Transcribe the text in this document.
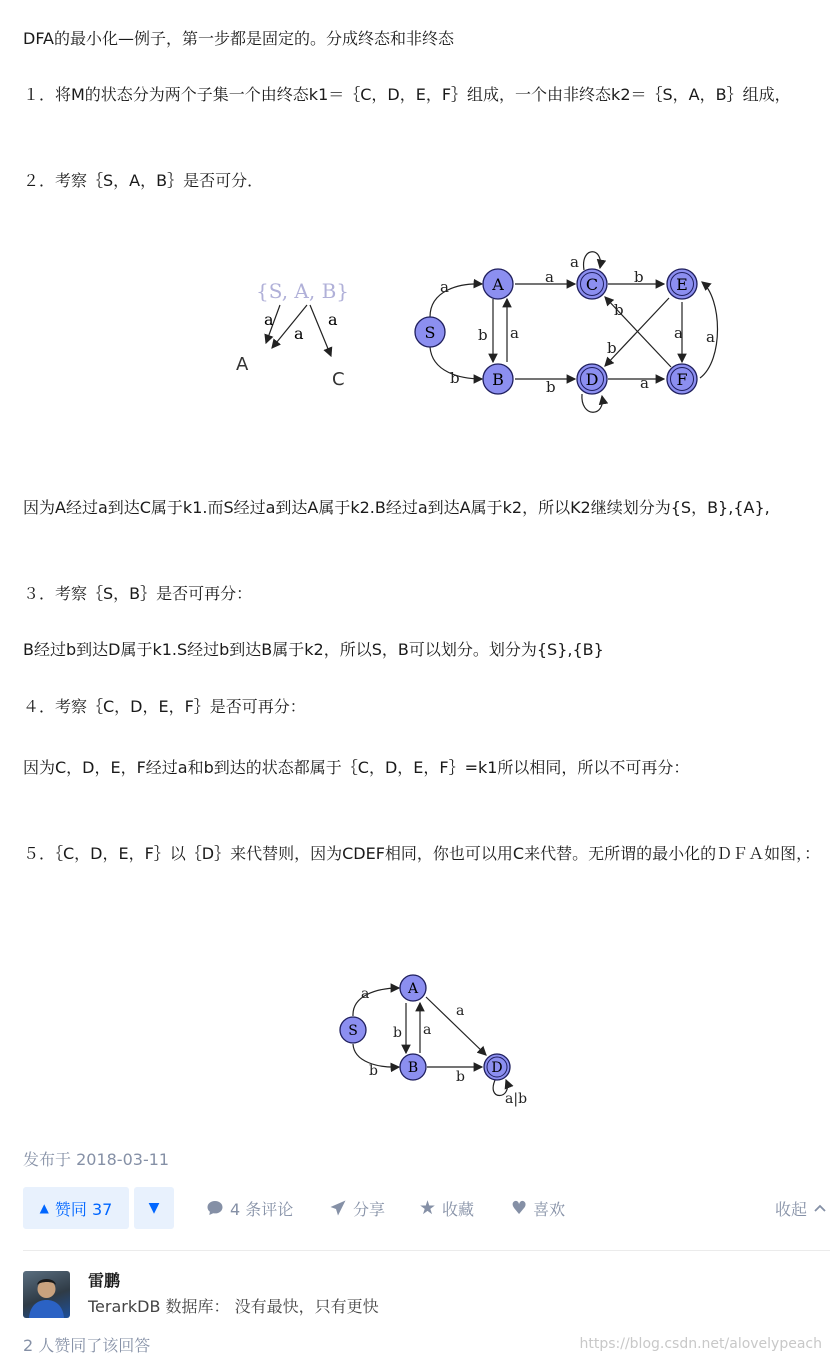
DFA的最小化—例子，第一步都是固定的。分成终态和非终态
１．将M的状态分为两个子集一个由终态k1＝｛C，D，E，F｝组成，一个由非终态k2＝｛S，A，B｝组成，
２．考察｛S，A，B｝是否可分．
{S, A, B}
a
a
a
A
C
S
A
B
C
D
E
F
a
a
a
b
b a
b
b
a a
a
b
b
因为A经过a到达C属于k1.而S经过a到达A属于k2.B经过a到达A属于k2，所以K2继续划分为{S，B},{A},
３．考察｛S，B｝是否可再分：
B经过b到达D属于k1.S经过b到达B属于k2，所以S，B可以划分。划分为{S},{B}
４．考察｛C，D，E，F｝是否可再分：
因为C，D，E，F经过a和b到达的状态都属于｛C，D，E，F｝=k1所以相同，所以不可再分：
５．｛C，D，E，F｝以｛D｝来代替则，因为CDEF相同，你也可以用C来代替。无所谓的最小化的ＤＦＡ如图，：
S
A
B	D
a
b
b a
a
b
a|b
发布于 2018-03-11
▲ 赞同 37	▼	4 条评论	分享 ★ 收藏 ♥ 喜欢	收起
雷鹏
TerarkDB 数据库： 没有最快，只有更快
2 人赞同了该回答	https://blog.csdn.net/alovelypeach
